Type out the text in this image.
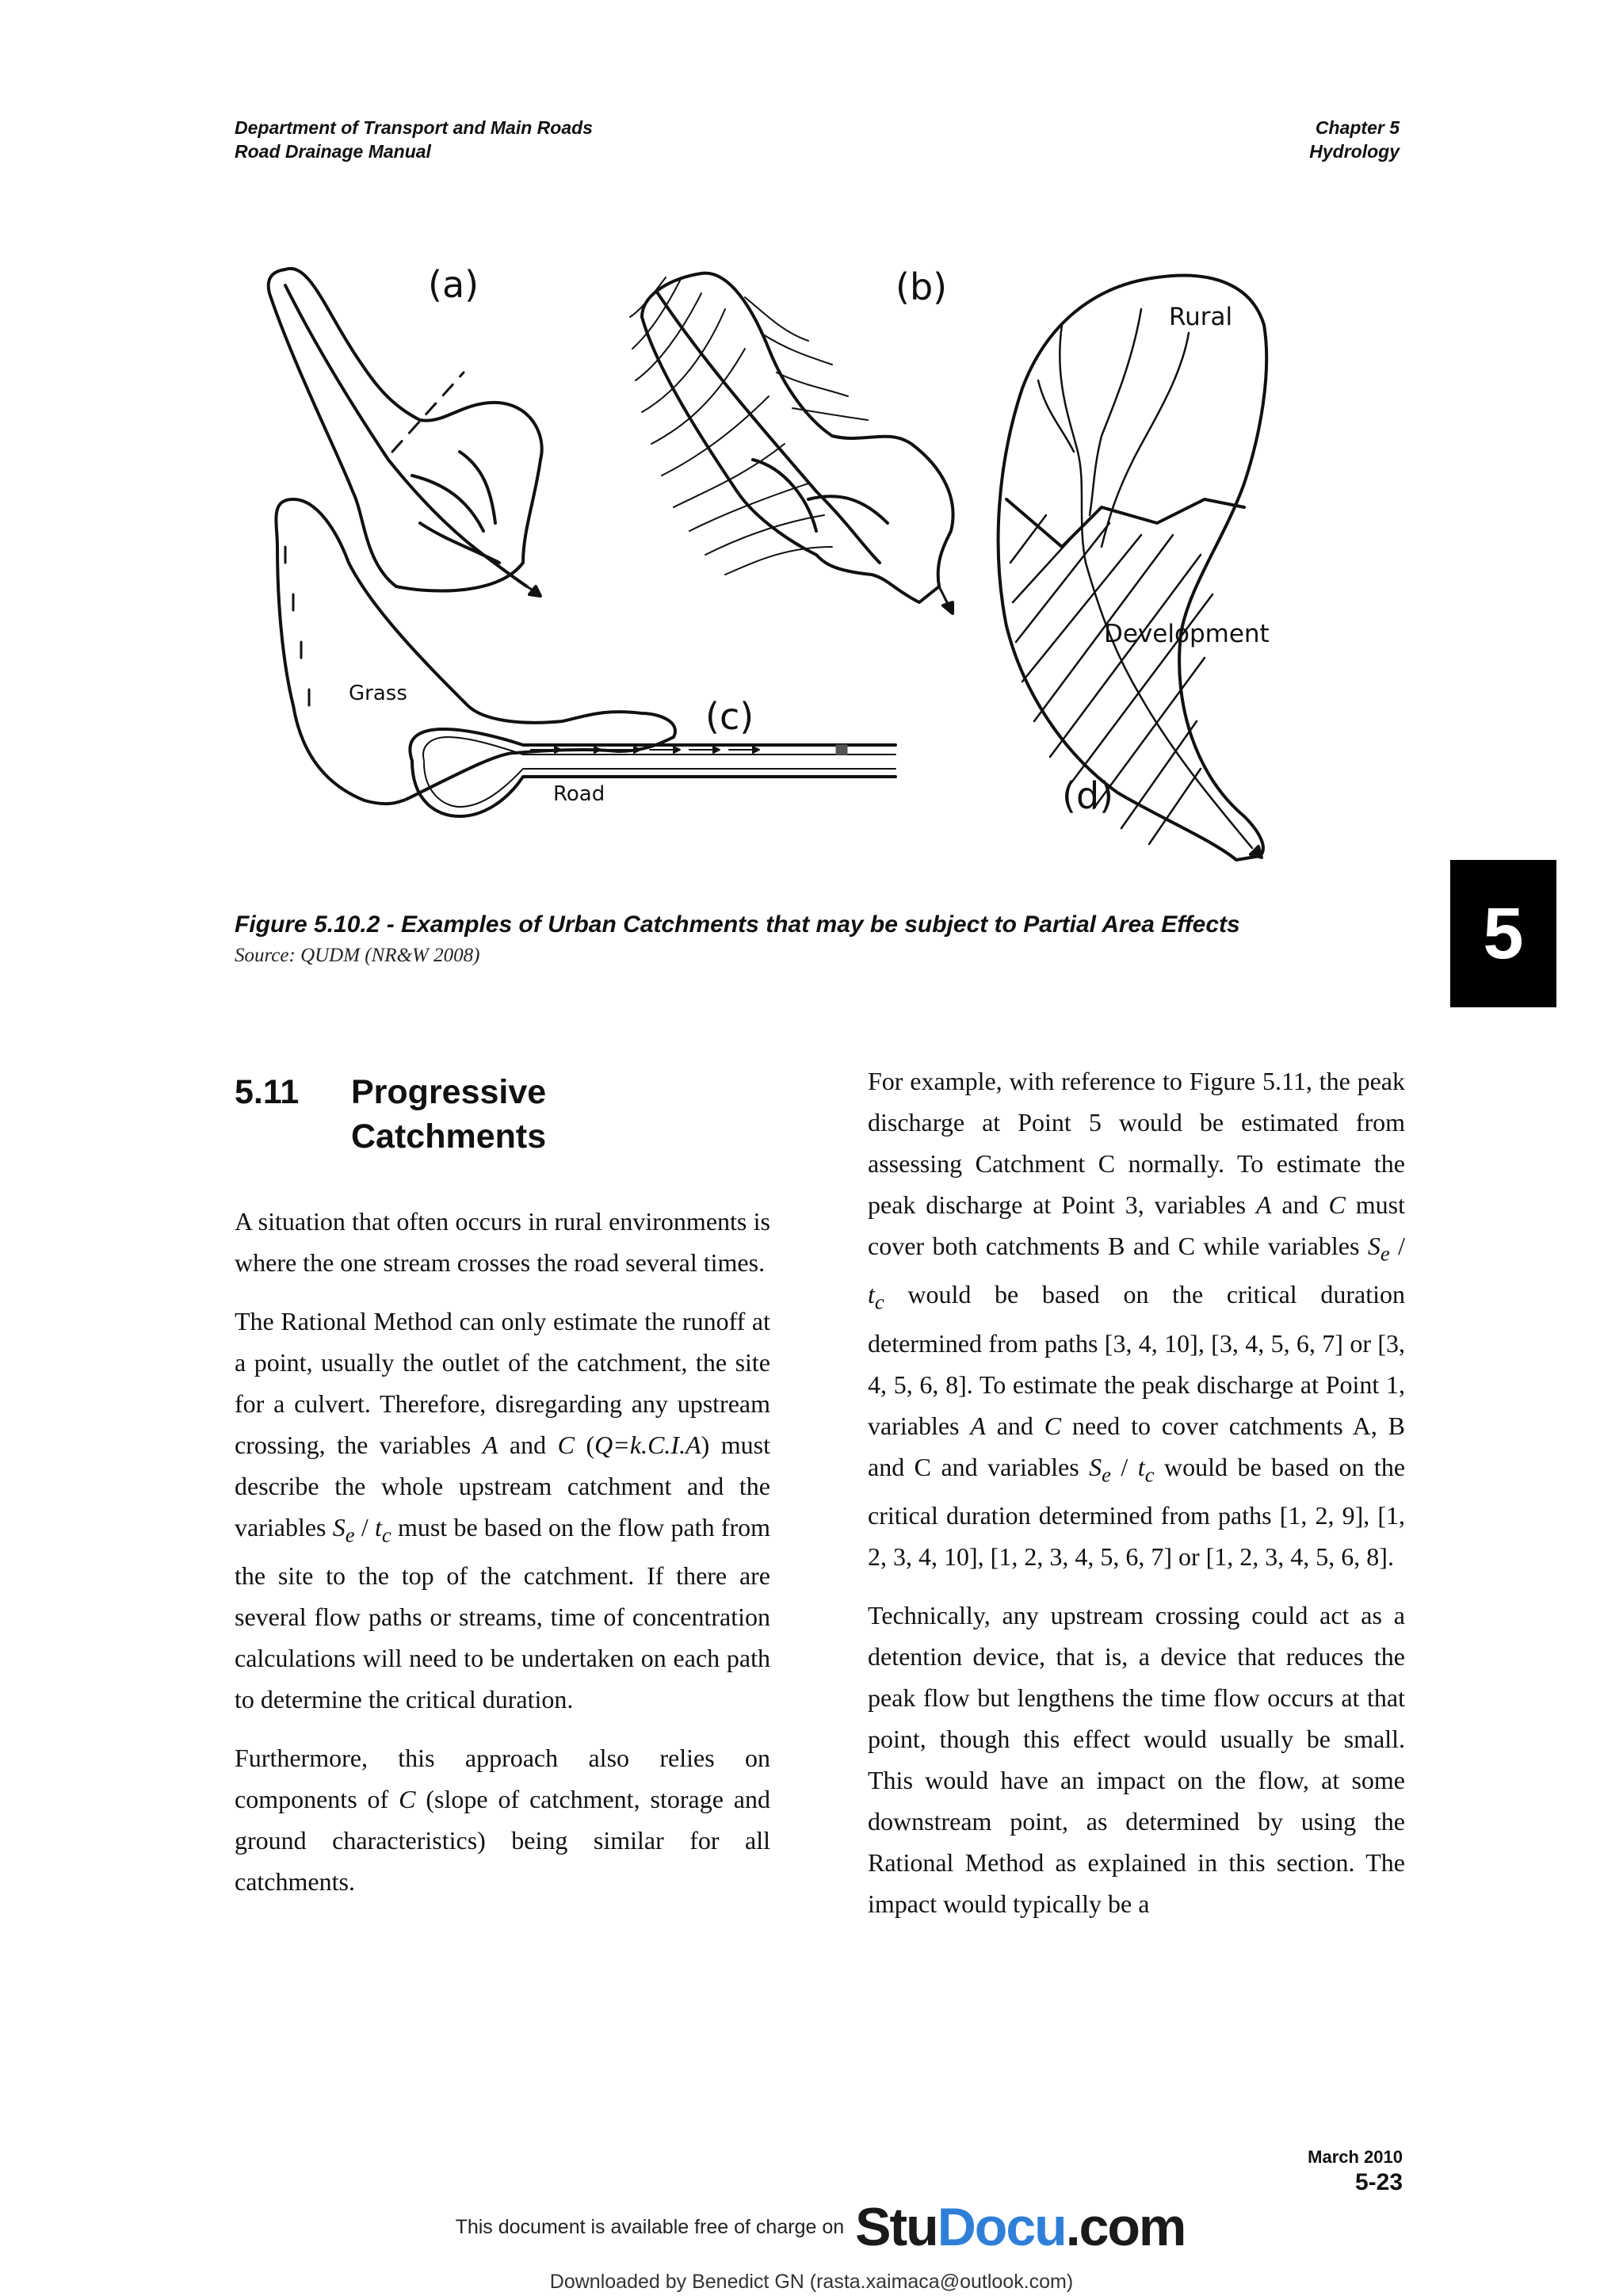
Department of Transport and Main Roads
Road Drainage Manual
Chapter 5
Hydrology
(a)	(b)
(c)
(d)
Rural
Development
Grass
Road
Figure 5.10.2 - Examples of Urban Catchments that may be subject to Partial Area Effects
Source: QUDM (NR&W 2008)	5
5.11 Progressive Catchments

A situation that often occurs in rural environments is where the one stream crosses the road several times.

The Rational Method can only estimate the runoff at a point, usually the outlet of the catchment, the site for a culvert. Therefore, disregarding any upstream crossing, the variables A and C (Q=k.C.I.A) must describe the whole upstream catchment and the variables $S_e / t_c$ must be based on the flow path from the site to the top of the catchment. If there are several flow paths or streams, time of concentration calculations will need to be undertaken on each path to determine the critical duration.

Furthermore, this approach also relies on components of C (slope of catchment, storage and ground characteristics) being similar for all catchments.

For example, with reference to Figure 5.11, the peak discharge at Point 5 would be estimated from assessing Catchment C normally. To estimate the peak discharge at Point 3, variables A and C must cover both catchments B and C while variables $S_e / t_c$ would be based on the critical duration determined from paths [3, 4, 10], [3, 4, 5, 6, 7] or [3, 4, 5, 6, 8]. To estimate the peak discharge at Point 1, variables A and C need to cover catchments A, B and C and variables $S_e / t_c$ would be based on the critical duration determined from paths [1, 2, 9], [1, 2, 3, 4, 10], [1, 2, 3, 4, 5, 6, 7] or [1, 2, 3, 4, 5, 6, 8].

Technically, any upstream crossing could act as a detention device, that is, a device that reduces the peak flow but lengthens the time flow occurs at that point, though this effect would usually be small. This would have an impact on the flow, at some downstream point, as determined by using the Rational Method as explained in this section. The impact would typically be a

March 2010
5-23
This document is available free of charge on StuDocu.com
Downloaded by Benedict GN (rasta.xaimaca@outlook.com)
